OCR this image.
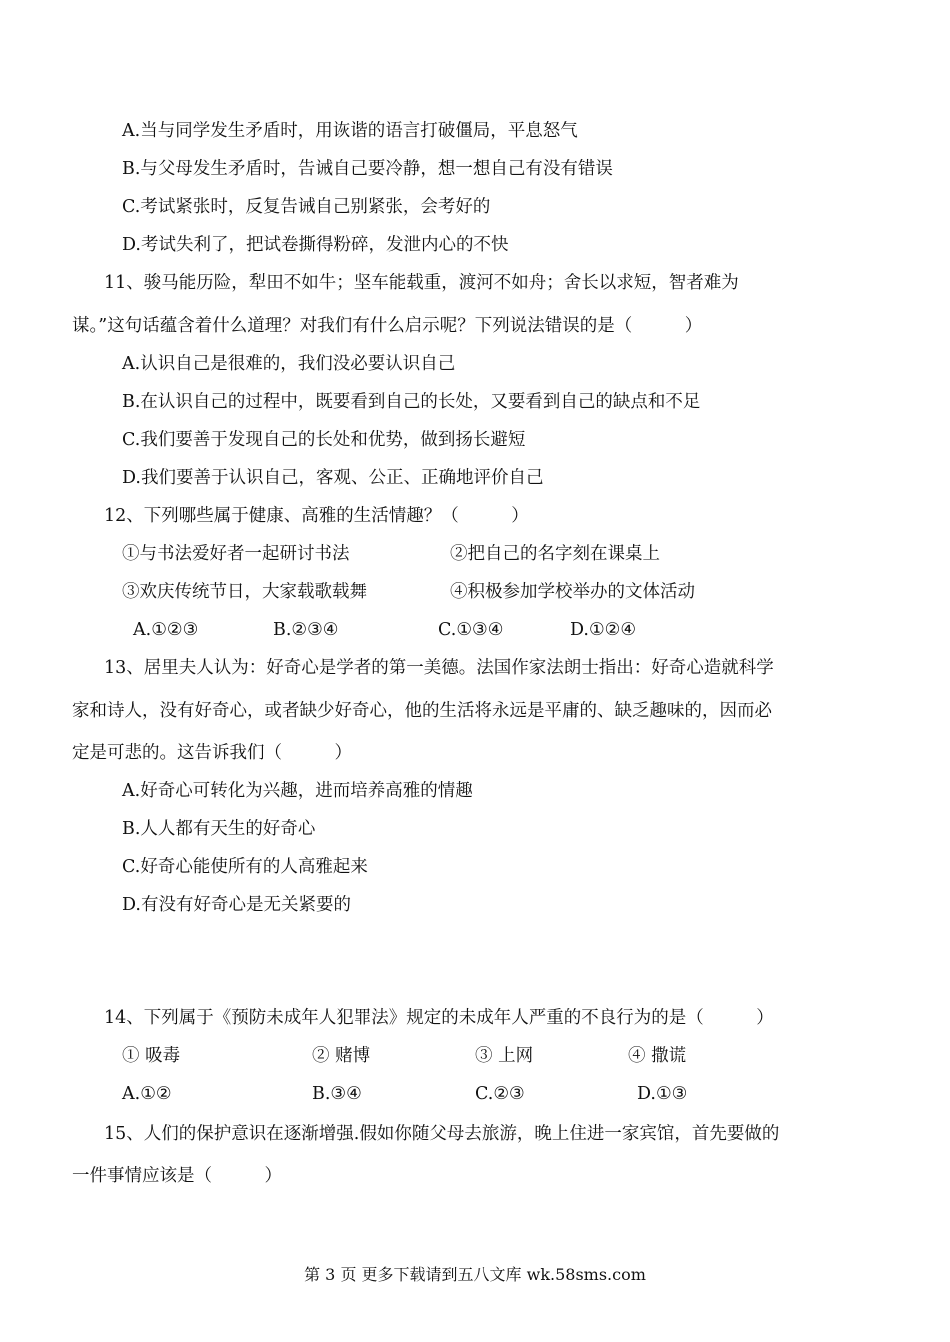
A.当与同学发生矛盾时，用诙谐的语言打破僵局，平息怒气
B.与父母发生矛盾时，告诫自己要冷静，想一想自己有没有错误
C.考试紧张时，反复告诫自己别紧张，会考好的
D.考试失利了，把试卷撕得粉碎，发泄内心的不快
11、骏马能历险，犁田不如牛；坚车能载重，渡河不如舟；舍长以求短，智者难为
谋。”这句话蕴含着什么道理？对我们有什么启示呢？下列说法错误的是（　　　）
A.认识自己是很难的，我们没必要认识自己
B.在认识自己的过程中，既要看到自己的长处，又要看到自己的缺点和不足
C.我们要善于发现自己的长处和优势，做到扬长避短
D.我们要善于认识自己，客观、公正、正确地评价自己
12、下列哪些属于健康、高雅的生活情趣？（　　　）
①与书法爱好者一起研讨书法	②把自己的名字刻在课桌上
③欢庆传统节日，大家载歌载舞	④积极参加学校举办的文体活动
A.①②③	B.②③④	C.①③④	D.①②④
13、居里夫人认为：好奇心是学者的第一美德。法国作家法朗士指出：好奇心造就科学
家和诗人，没有好奇心，或者缺少好奇心，他的生活将永远是平庸的、缺乏趣味的，因而必
定是可悲的。这告诉我们（　　　）
A.好奇心可转化为兴趣，进而培养高雅的情趣
B.人人都有天生的好奇心
C.好奇心能使所有的人高雅起来
D.有没有好奇心是无关紧要的
14、下列属于《预防未成年人犯罪法》规定的未成年人严重的不良行为的是（　　　）
① 吸毒	② 赌博	③ 上网	④ 撒谎
A.①②	B.③④	C.②③	D.①③
15、人们的保护意识在逐渐增强.假如你随父母去旅游，晚上住进一家宾馆，首先要做的
一件事情应该是（　　　）
第 3 页 更多下载请到五八文库 wk.58sms.com
